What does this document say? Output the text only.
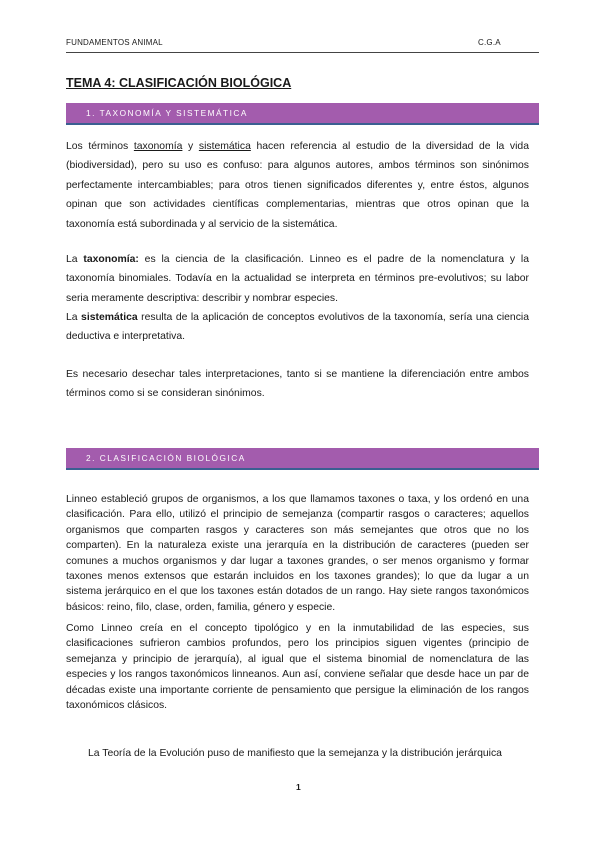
FUNDAMENTOS ANIMAL	C.G.A
TEMA 4: CLASIFICACIÓN BIOLÓGICA
1. TAXONOMÍA Y SISTEMÁTICA

Los términos taxonomía y sistemática hacen referencia al estudio de la diversidad de la vida (biodiversidad), pero su uso es confuso: para algunos autores, ambos términos son sinónimos perfectamente intercambiables; para otros tienen significados diferentes y, entre éstos, algunos opinan que son actividades científicas complementarias, mientras que otros opinan que la taxonomía está subordinada y al servicio de la sistemática.

La taxonomía: es la ciencia de la clasificación. Linneo es el padre de la nomenclatura y la taxonomía binomiales. Todavía en la actualidad se interpreta en términos pre-evolutivos; su labor seria meramente descriptiva: describir y nombrar especies.

La sistemática resulta de la aplicación de conceptos evolutivos de la taxonomía, sería una ciencia deductiva e interpretativa.

Es necesario desechar tales interpretaciones, tanto si se mantiene la diferenciación entre ambos términos como si se consideran sinónimos.

2. CLASIFICACIÓN BIOLÓGICA

Linneo estableció grupos de organismos, a los que llamamos taxones o taxa, y los ordenó en una clasificación. Para ello, utilizó el principio de semejanza (compartir rasgos o caracteres; aquellos organismos que comparten rasgos y caracteres son más semejantes que otros que no los comparten). En la naturaleza existe una jerarquía en la distribución de caracteres (pueden ser comunes a muchos organismos y dar lugar a taxones grandes, o ser menos organismo y formar taxones menos extensos que estarán incluidos en los taxones grandes); lo que da lugar a un sistema jerárquico en el que los taxones están dotados de un rango. Hay siete rangos taxonómicos básicos: reino, filo, clase, orden, familia, género y especie.

Como Linneo creía en el concepto tipológico y en la inmutabilidad de las especies, sus clasificaciones sufrieron cambios profundos, pero los principios siguen vigentes (principio de semejanza y principio de jerarquía), al igual que el sistema binomial de nomenclatura de las especies y los rangos taxonómicos linneanos. Aun así, conviene señalar que desde hace un par de décadas existe una importante corriente de pensamiento que persigue la eliminación de los rangos taxonómicos clásicos.

La Teoría de la Evolución puso de manifiesto que la semejanza y la distribución jerárquica
1
